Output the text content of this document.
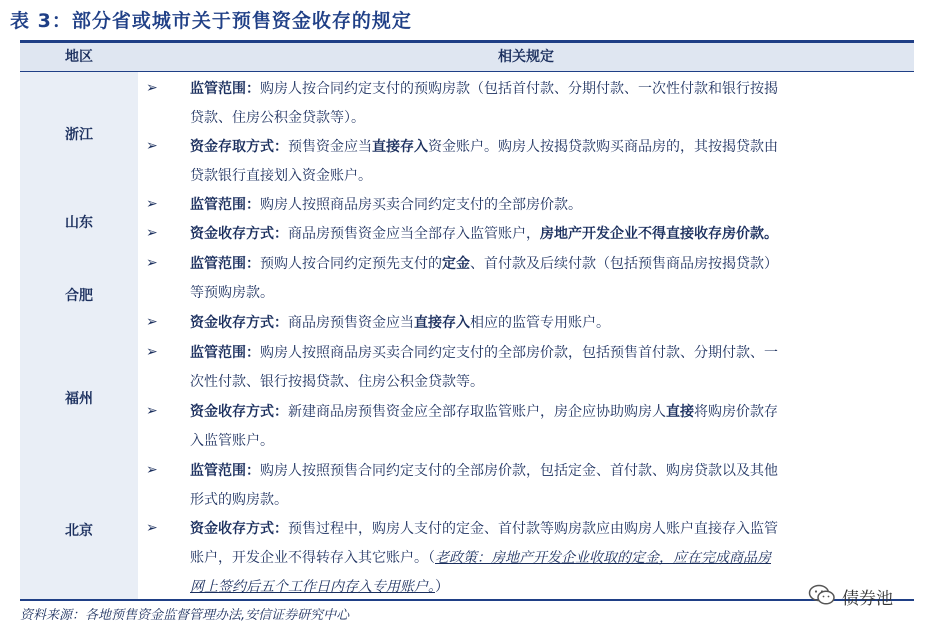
表 3：部分省或城市关于预售资金收存的规定
地区	相关规定
浙江
➢ 监管范围：购房人按合同约定支付的预购房款（包括首付款、分期付款、一次性付款和银行按揭
贷款、住房公积金贷款等）。
➢ 资金存取方式：预售资金应当直接存入资金账户。购房人按揭贷款购买商品房的，其按揭贷款由
贷款银行直接划入资金账户。
山东
➢ 监管范围：购房人按照商品房买卖合同约定支付的全部房价款。
➢ 资金收存方式：商品房预售资金应当全部存入监管账户，房地产开发企业不得直接收存房价款。
合肥
➢ 监管范围：预购人按合同约定预先支付的定金、首付款及后续付款（包括预售商品房按揭贷款）
等预购房款。
➢ 资金收存方式：商品房预售资金应当直接存入相应的监管专用账户。
福州
➢ 监管范围：购房人按照商品房买卖合同约定支付的全部房价款，包括预售首付款、分期付款、一
次性付款、银行按揭贷款、住房公积金贷款等。
➢ 资金收存方式：新建商品房预售资金应全部存取监管账户，房企应协助购房人直接将购房价款存
入监管账户。
北京
➢ 监管范围：购房人按照预售合同约定支付的全部房价款，包括定金、首付款、购房贷款以及其他
形式的购房款。
➢ 资金收存方式：预售过程中，购房人支付的定金、首付款等购房款应由购房人账户直接存入监管
账户，开发企业不得转存入其它账户。（老政策：房地产开发企业收取的定金，应在完成商品房
网上签约后五个工作日内存入专用账户。）
资料来源：各地预售资金监督管理办法,安信证券研究中心
债券池
